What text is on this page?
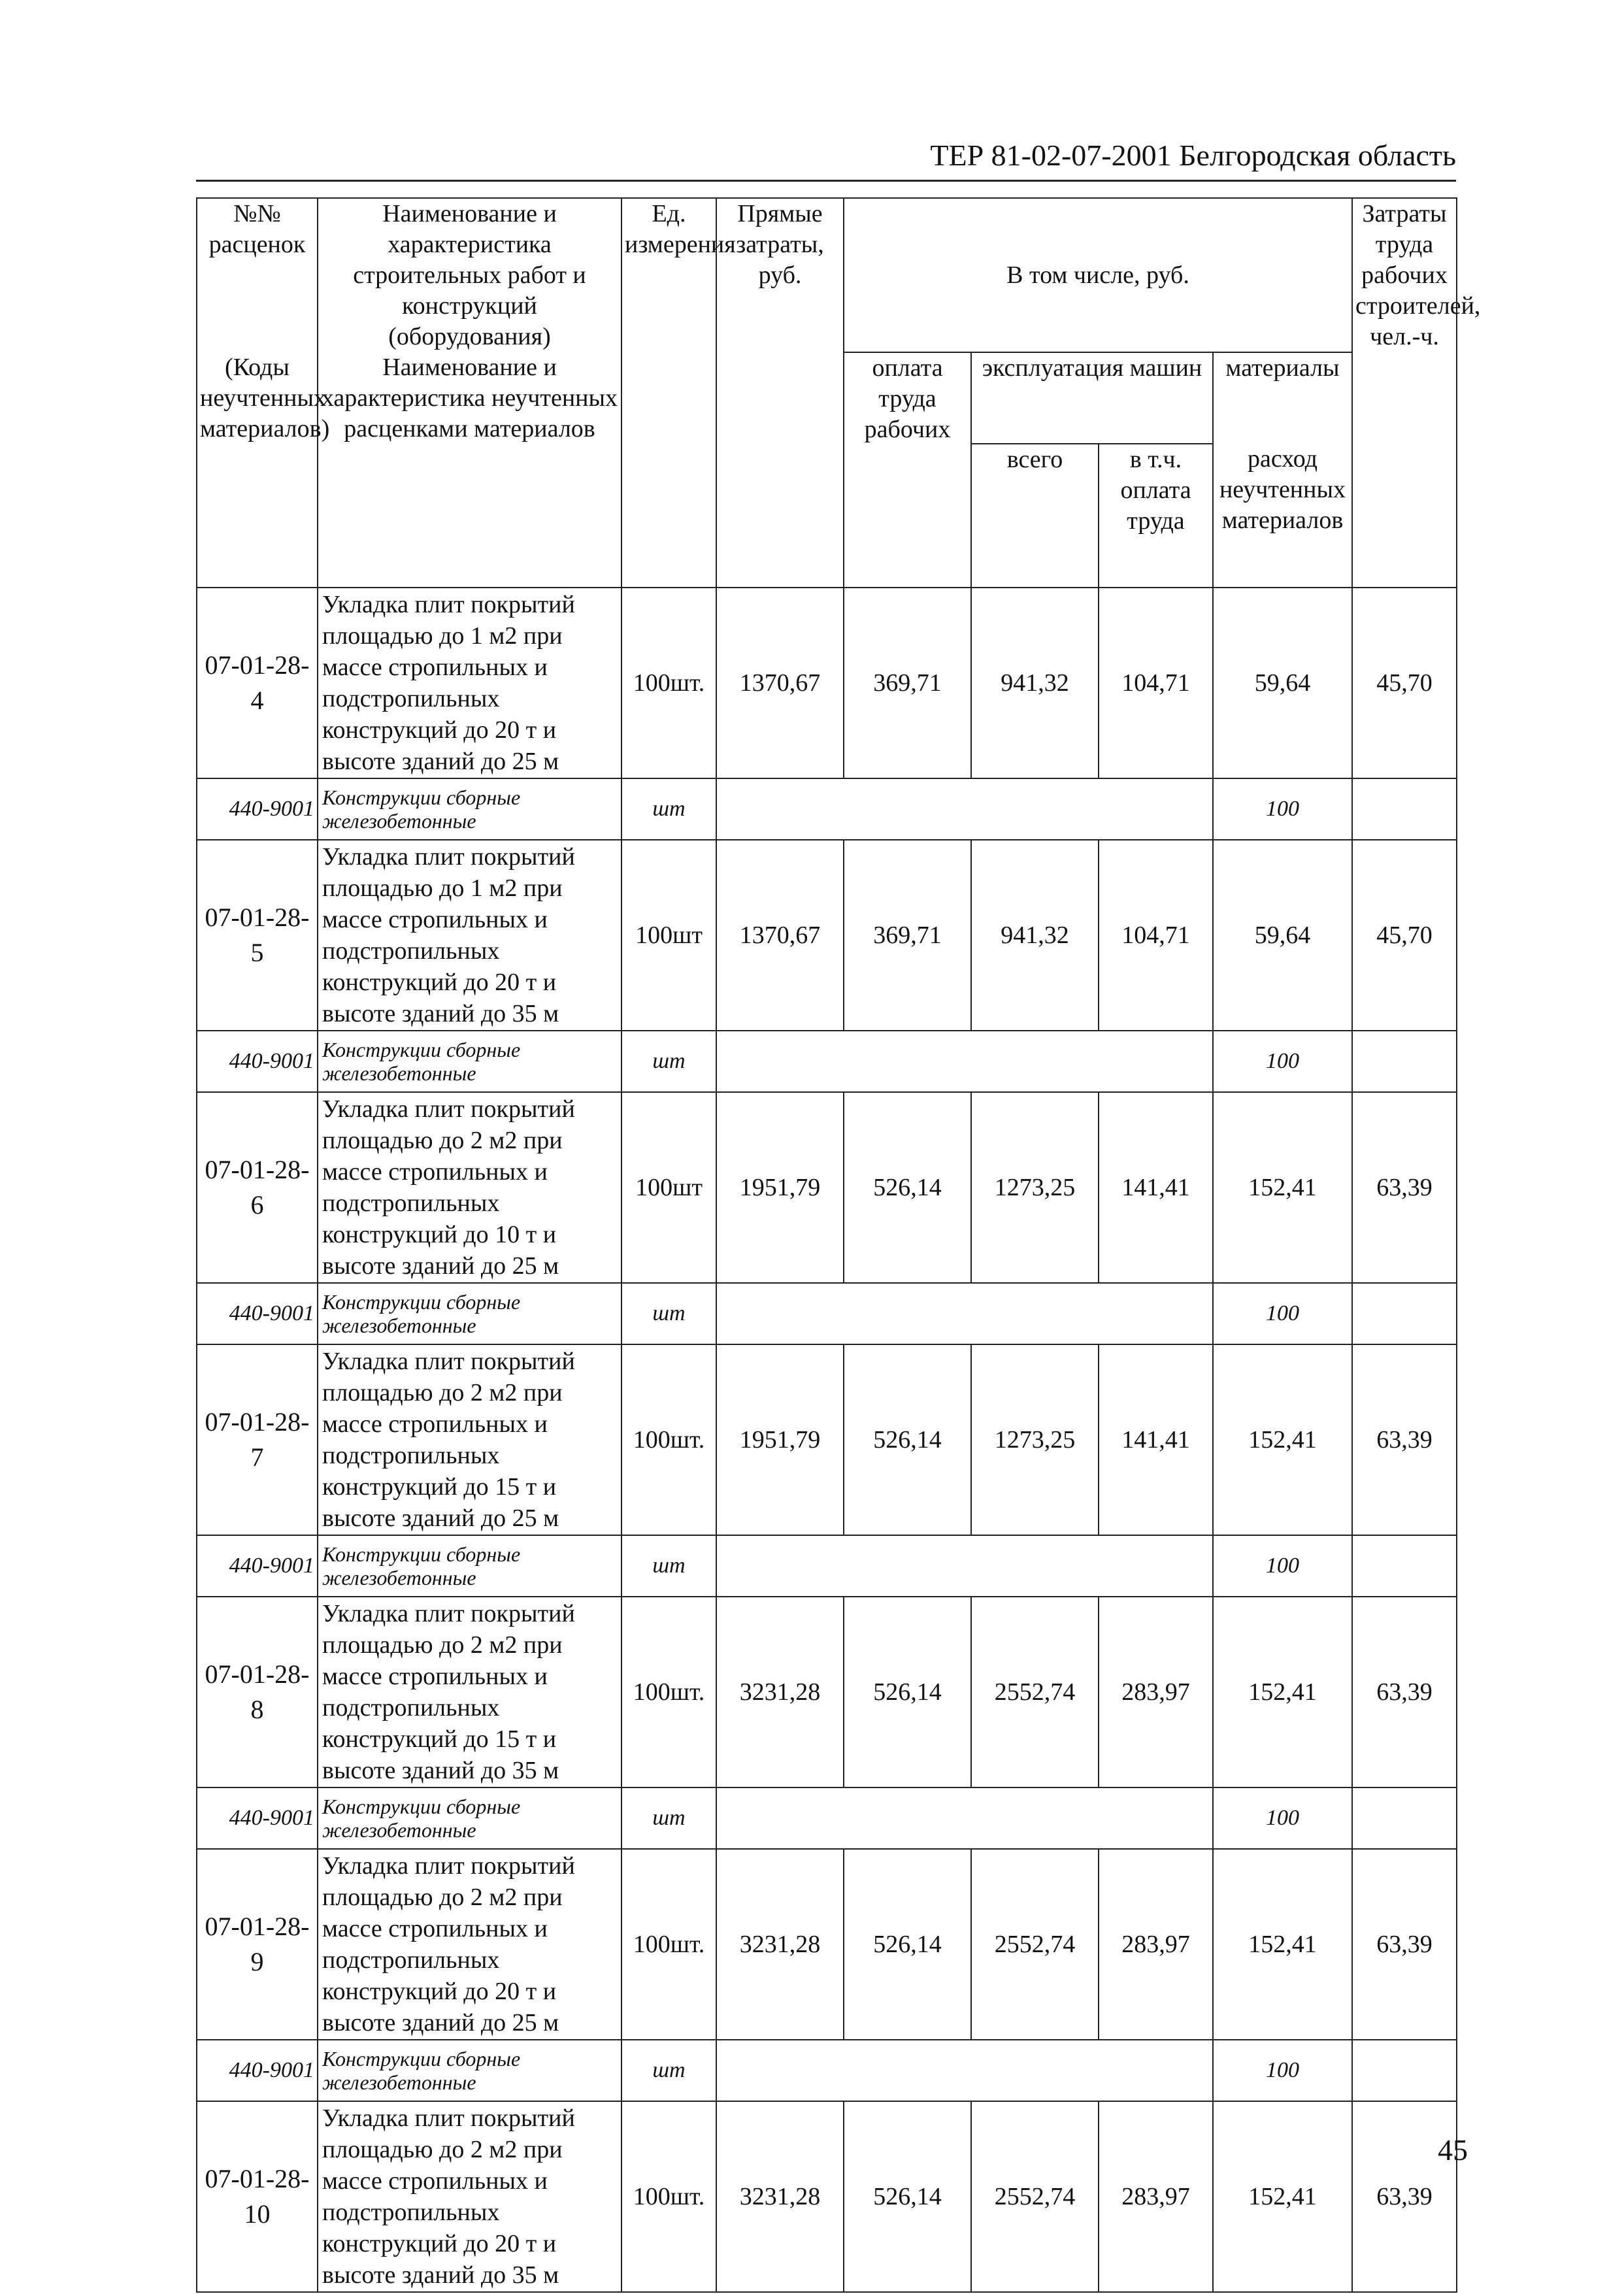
ТЕР 81-02-07-2001 Белгородская область
№№ расценок	Наименование и характеристика строительных работ и конструкций (оборудования)	Ед. измерения	Прямые затраты, руб.	В том числе, руб.				Затраты труда рабочих строителей, чел.-ч.
(Коды неучтенных материалов)	Наименование и характеристика неучтенных расценками материалов			оплата труда рабочих	эксплуатация машин		материалы	
					всего	в т.ч. оплата труда	расход неучтенных материалов	

07-01-28-4	Укладка плит покрытий площадью до 1 м2 при массе стропильных и подстропильных конструкций до 20 т и высоте зданий до 25 м	100шт.	1370,67	369,71	941,32	104,71	59,64	45,70
440-9001	Конструкции сборные железобетонные	шт					100	
07-01-28-5	Укладка плит покрытий площадью до 1 м2 при массе стропильных и подстропильных конструкций до 20 т и высоте зданий до 35 м	100шт	1370,67	369,71	941,32	104,71	59,64	45,70
440-9001	Конструкции сборные железобетонные	шт					100	
07-01-28-6	Укладка плит покрытий площадью до 2 м2 при массе стропильных и подстропильных конструкций до 10 т и высоте зданий до 25 м	100шт	1951,79	526,14	1273,25	141,41	152,41	63,39
440-9001	Конструкции сборные железобетонные	шт					100	
07-01-28-7	Укладка плит покрытий площадью до 2 м2 при массе стропильных и подстропильных конструкций до 15 т и высоте зданий до 25 м	100шт.	1951,79	526,14	1273,25	141,41	152,41	63,39
440-9001	Конструкции сборные железобетонные	шт					100	
07-01-28-8	Укладка плит покрытий площадью до 2 м2 при массе стропильных и подстропильных конструкций до 15 т и высоте зданий до 35 м	100шт.	3231,28	526,14	2552,74	283,97	152,41	63,39
440-9001	Конструкции сборные железобетонные	шт					100	
07-01-28-9	Укладка плит покрытий площадью до 2 м2 при массе стропильных и подстропильных конструкций до 20 т и высоте зданий до 25 м	100шт.	3231,28	526,14	2552,74	283,97	152,41	63,39
440-9001	Конструкции сборные железобетонные	шт					100	
07-01-28-10	Укладка плит покрытий площадью до 2 м2 при массе стропильных и подстропильных конструкций до 20 т и высоте зданий до 35 м	100шт.	3231,28	526,14	2552,74	283,97	152,41	63,39
45
